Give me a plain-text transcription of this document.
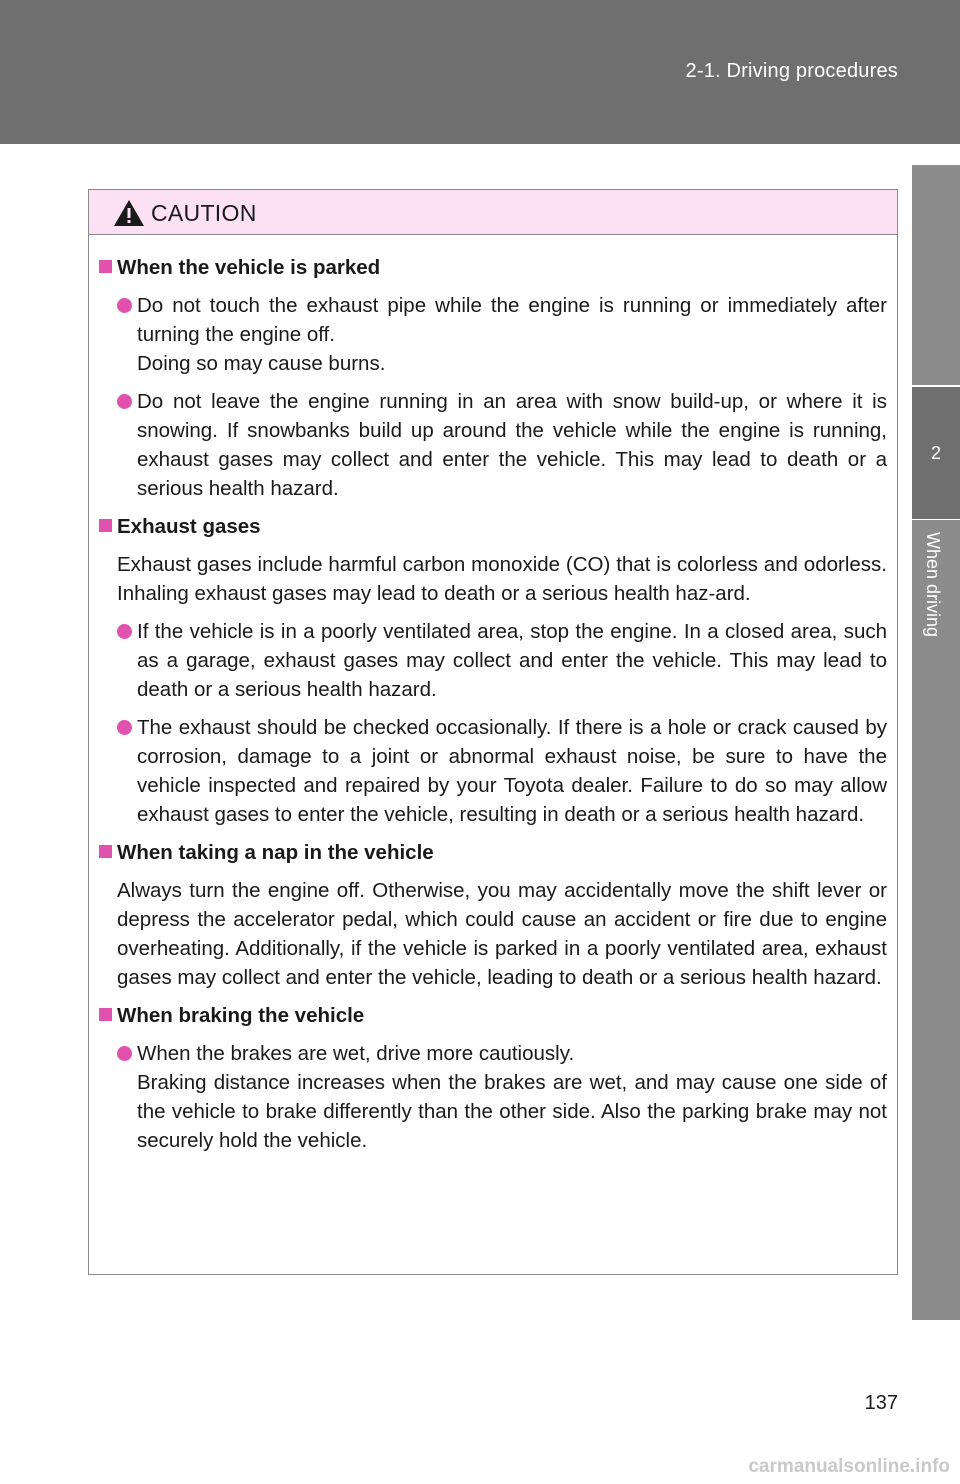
2-1. Driving procedures
2
When driving
CAUTION
When the vehicle is parked
Do not touch the exhaust pipe while the engine is running or immediately after turning the engine off.
Doing so may cause burns.
Do not leave the engine running in an area with snow build-up, or where it is snowing. If snowbanks build up around the vehicle while the engine is running, exhaust gases may collect and enter the vehicle. This may lead to death or a serious health hazard.
Exhaust gases
Exhaust gases include harmful carbon monoxide (CO) that is colorless and odorless. Inhaling exhaust gases may lead to death or a serious health haz-ard.
If the vehicle is in a poorly ventilated area, stop the engine. In a closed area, such as a garage, exhaust gases may collect and enter the vehicle. This may lead to death or a serious health hazard.
The exhaust should be checked occasionally. If there is a hole or crack caused by corrosion, damage to a joint or abnormal exhaust noise, be sure to have the vehicle inspected and repaired by your Toyota dealer. Failure to do so may allow exhaust gases to enter the vehicle, resulting in death or a serious health hazard.
When taking a nap in the vehicle
Always turn the engine off. Otherwise, you may accidentally move the shift lever or depress the accelerator pedal, which could cause an accident or fire due to engine overheating. Additionally, if the vehicle is parked in a poorly ventilated area, exhaust gases may collect and enter the vehicle, leading to death or a serious health hazard.
When braking the vehicle
When the brakes are wet, drive more cautiously.
Braking distance increases when the brakes are wet, and may cause one side of the vehicle to brake differently than the other side. Also the parking brake may not securely hold the vehicle.
137
carmanualsonline.info
